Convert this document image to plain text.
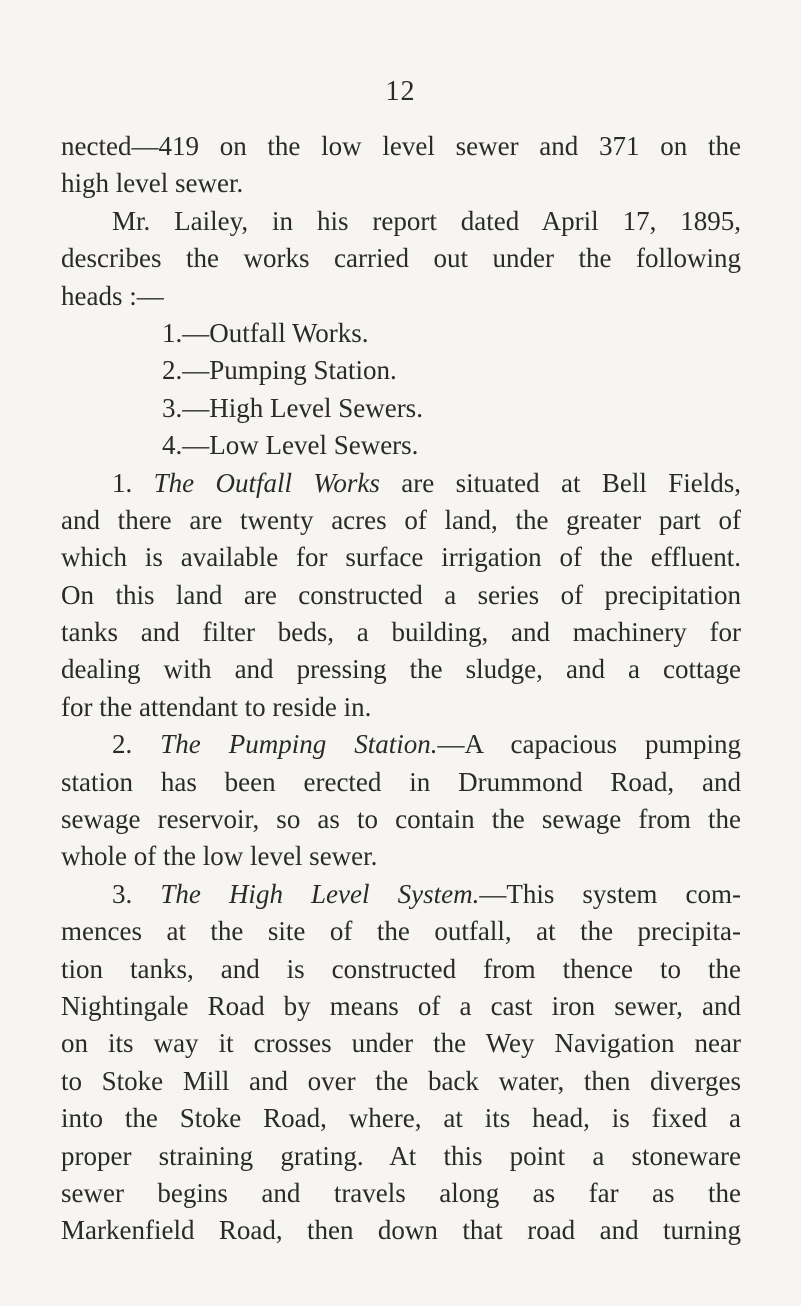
12
nected—419 on the low level sewer and 371 on the
high level sewer.
Mr. Lailey, in his report dated April 17, 1895,
describes the works carried out under the following
heads :—
1.—Outfall Works.
2.—Pumping Station.
3.—High Level Sewers.
4.—Low Level Sewers.
1. The Outfall Works are situated at Bell Fields,
and there are twenty acres of land, the greater part of
which is available for surface irrigation of the effluent.
On this land are constructed a series of precipitation
tanks and filter beds, a building, and machinery for
dealing with and pressing the sludge, and a cottage
for the attendant to reside in.
2. The Pumping Station.—A capacious pumping
station has been erected in Drummond Road, and
sewage reservoir, so as to contain the sewage from the
whole of the low level sewer.
3. The High Level System.—This system com-
mences at the site of the outfall, at the precipita-
tion tanks, and is constructed from thence to the
Nightingale Road by means of a cast iron sewer, and
on its way it crosses under the Wey Navigation near
to Stoke Mill and over the back water, then diverges
into the Stoke Road, where, at its head, is fixed a
proper straining grating. At this point a stoneware
sewer begins and travels along as far as the
Markenfield Road, then down that road and turning
